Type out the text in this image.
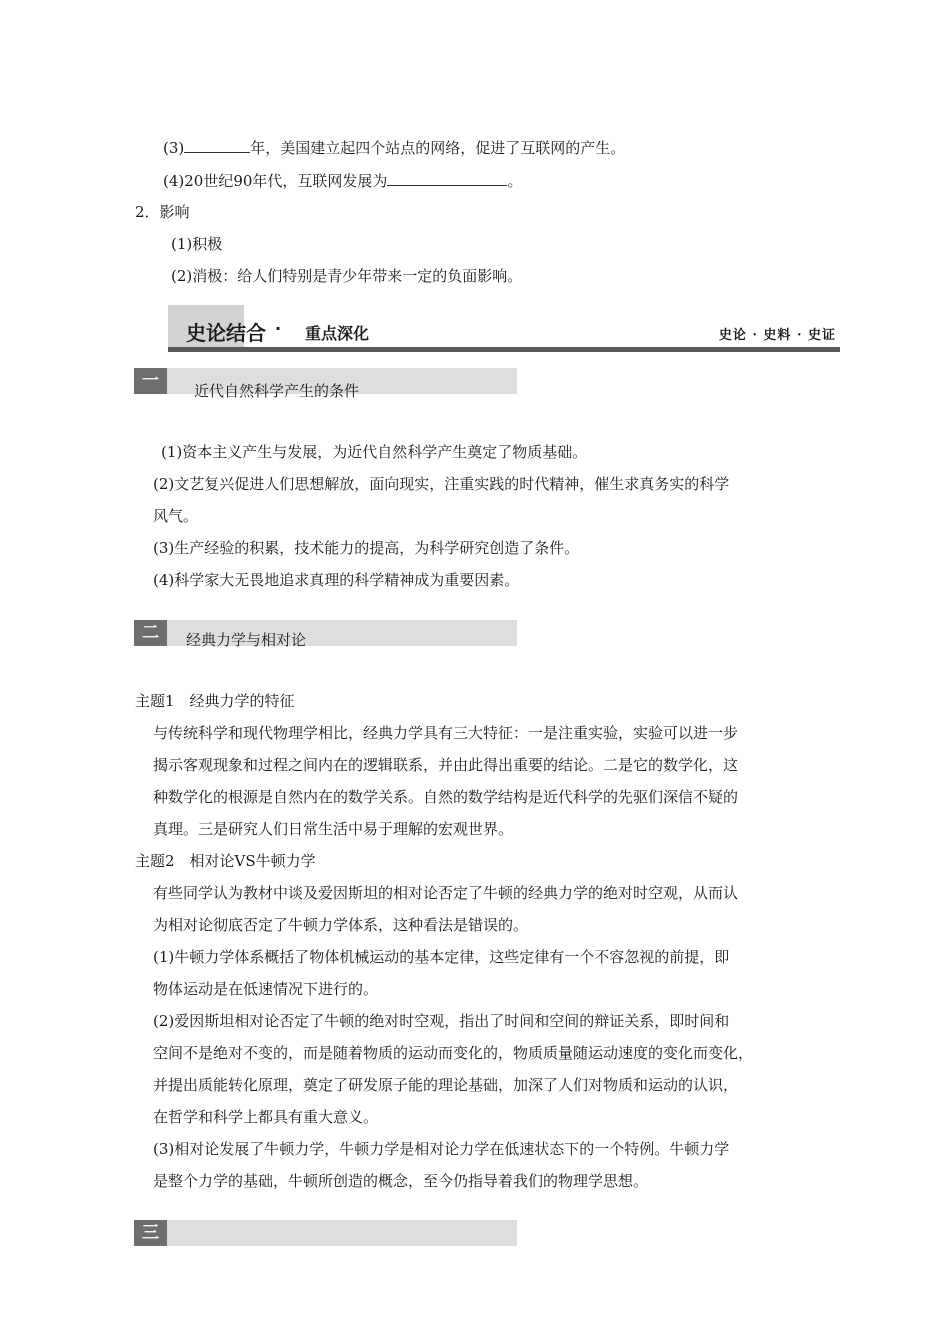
(3)	年，美国建立起四个站点的网络，促进了互联网的产生。
(4)20世纪90年代，互联网发展为	。
2．影响
(1)积极
(2)消极：给人们特别是青少年带来一定的负面影响。
史论结合 · 重点深化	史论 · 史料 · 史证
一	近代自然科学产生的条件
(1)资本主义产生与发展，为近代自然科学产生奠定了物质基础。
(2)文艺复兴促进人们思想解放，面向现实，注重实践的时代精神，催生求真务实的科学
风气。
(3)生产经验的积累，技术能力的提高，为科学研究创造了条件。
(4)科学家大无畏地追求真理的科学精神成为重要因素。
二	经典力学与相对论
主题1　经典力学的特征
与传统科学和现代物理学相比，经典力学具有三大特征：一是注重实验，实验可以进一步
揭示客观现象和过程之间内在的逻辑联系，并由此得出重要的结论。二是它的数学化，这
种数学化的根源是自然内在的数学关系。自然的数学结构是近代科学的先驱们深信不疑的
真理。三是研究人们日常生活中易于理解的宏观世界。
主题2　相对论VS牛顿力学
有些同学认为教材中谈及爱因斯坦的相对论否定了牛顿的经典力学的绝对时空观，从而认
为相对论彻底否定了牛顿力学体系，这种看法是错误的。
(1)牛顿力学体系概括了物体机械运动的基本定律，这些定律有一个不容忽视的前提，即
物体运动是在低速情况下进行的。
(2)爱因斯坦相对论否定了牛顿的绝对时空观，指出了时间和空间的辩证关系，即时间和
空间不是绝对不变的，而是随着物质的运动而变化的，物质质量随运动速度的变化而变化，
并提出质能转化原理，奠定了研发原子能的理论基础，加深了人们对物质和运动的认识，
在哲学和科学上都具有重大意义。
(3)相对论发展了牛顿力学，牛顿力学是相对论力学在低速状态下的一个特例。牛顿力学
是整个力学的基础，牛顿所创造的概念，至今仍指导着我们的物理学思想。
三
